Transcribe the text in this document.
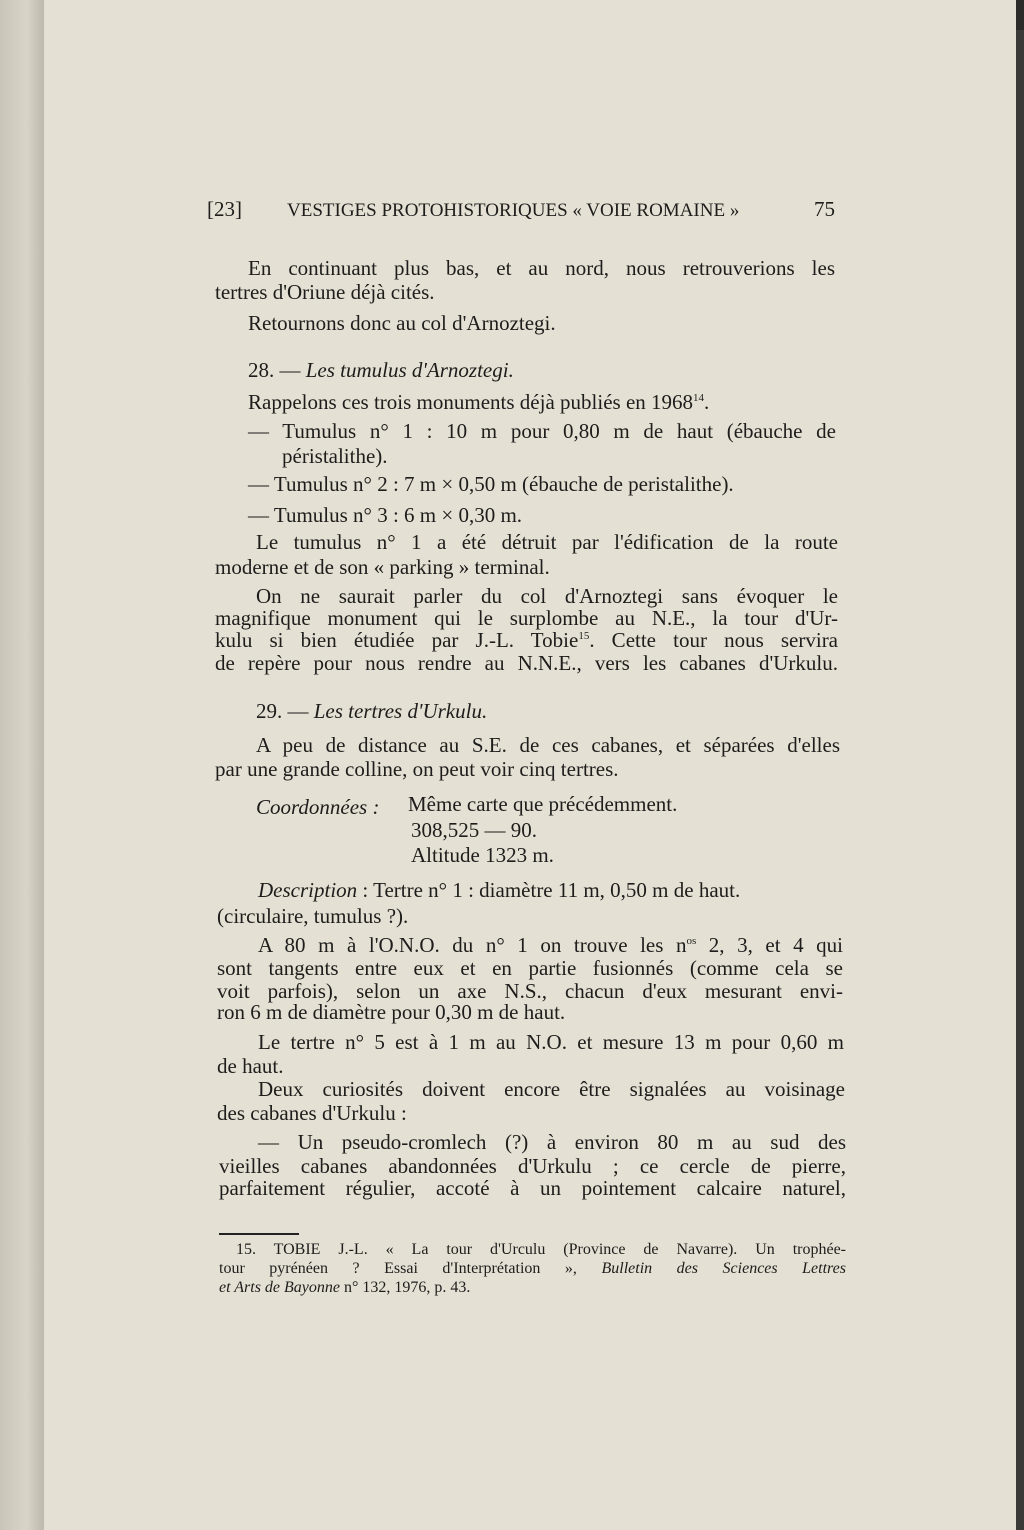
[23] VESTIGES PROTOHISTORIQUES « VOIE ROMAINE »	75
En continuant plus bas, et au nord, nous retrouverions les
tertres d'Oriune déjà cités.
Retournons donc au col d'Arnoztegi.
28. — Les tumulus d'Arnoztegi.
Rappelons ces trois monuments déjà publiés en 1968$^{14}$.
— Tumulus n° 1 : 10 m pour 0,80 m de haut (ébauche de
péristalithe).
— Tumulus n° 2 : 7 m × 0,50 m (ébauche de peristalithe).
— Tumulus n° 3 : 6 m × 0,30 m.
Le tumulus n° 1 a été détruit par l'édification de la route
moderne et de son « parking » terminal.
On ne saurait parler du col d'Arnoztegi sans évoquer le
magnifique monument qui le surplombe au N.E., la tour d'Ur-
kulu si bien étudiée par J.-L. Tobie$^{15}$. Cette tour nous servira
de repère pour nous rendre au N.N.E., vers les cabanes d'Urkulu.
29. — Les tertres d'Urkulu.
A peu de distance au S.E. de ces cabanes, et séparées d'elles
par une grande colline, on peut voir cinq tertres.
Coordonnées : Même carte que précédemment.
308,525 — 90.
Altitude 1323 m.
Description : Tertre n° 1 : diamètre 11 m, 0,50 m de haut.
(circulaire, tumulus ?).
A 80 m à l'O.N.O. du n° 1 on trouve les $n^{os}$ 2, 3, et 4 qui
sont tangents entre eux et en partie fusionnés (comme cela se
voit parfois), selon un axe N.S., chacun d'eux mesurant envi-
ron 6 m de diamètre pour 0,30 m de haut.
Le tertre n° 5 est à 1 m au N.O. et mesure 13 m pour 0,60 m
de haut.
Deux curiosités doivent encore être signalées au voisinage
des cabanes d'Urkulu :
— Un pseudo-cromlech (?) à environ 80 m au sud des
vieilles cabanes abandonnées d'Urkulu ; ce cercle de pierre,
parfaitement régulier, accoté à un pointement calcaire naturel,
15. TOBIE J.-L. « La tour d'Urculu (Province de Navarre). Un trophée-
tour pyrénéen ? Essai d'Interprétation », Bulletin des Sciences Lettres
et Arts de Bayonne n° 132, 1976, p. 43.
